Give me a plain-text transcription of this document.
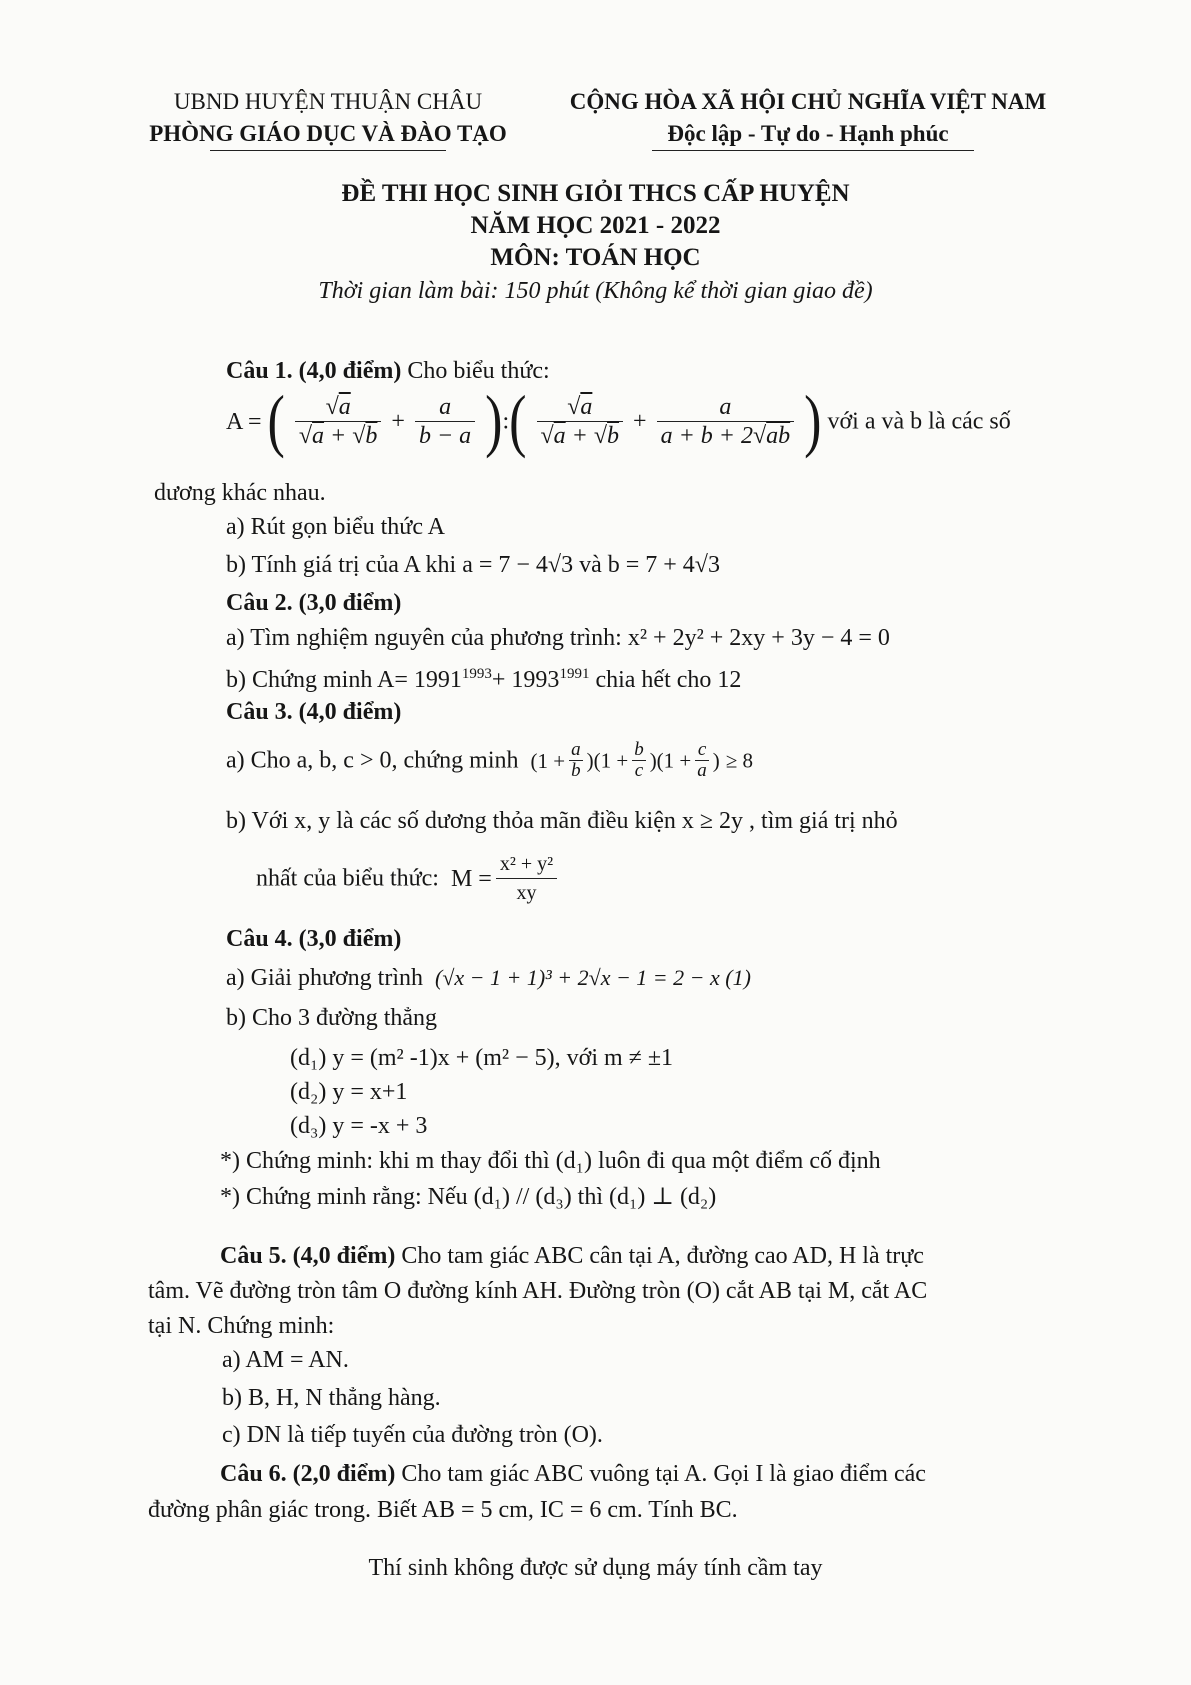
UBND HUYỆN THUẬN CHÂU
PHÒNG GIÁO DỤC VÀ ĐÀO TẠO
CỘNG HÒA XÃ HỘI CHỦ NGHĨA VIỆT NAM
Độc lập - Tự do - Hạnh phúc
ĐỀ THI HỌC SINH GIỎI THCS CẤP HUYỆN
NĂM HỌC 2021 - 2022
MÔN: TOÁN HỌC
Thời gian làm bài: 150 phút (Không kể thời gian giao đề)
Câu 1. (4,0 điểm) Cho biểu thức:
A = ( $\frac{√a}{√a + √b} + \frac{a}{b - a}$ ):( $\frac{√a}{√a + √b} + \frac{a}{a + b + 2√ab}$ ) với a và b là các số
dương khác nhau.
a) Rút gọn biểu thức A
b) Tính giá trị của A khi a = 7 − 4√3 và b = 7 + 4√3
Câu 2. (3,0 điểm)
a) Tìm nghiệm nguyên của phương trình: x² + 2y² + 2xy + 3y − 4 = 0
b) Chứng minh $A= 1991^{1993}+ 1993^{1991}$ chia hết cho 12
Câu 3. (4,0 điểm)
a) Cho a, b, c > 0, chứng minh $(1 + \frac{a}{b} )(1 + \frac{b}{c} )(1 + \frac{c}{a}$ ) ≥ 8
b) Với x, y là các số dương thỏa mãn điều kiện x ≥ 2y , tìm giá trị nhỏ
nhất của biểu thức: $M = \frac{\text{x² + y²}}{xy}$
Câu 4. (3,0 điểm)
a) Giải phương trình (√x − 1 + 1)³ + 2√x − 1 = 2 − x (1)
b) Cho 3 đường thẳng
(d₁) y = (m² -1)x + (m² − 5), với m ≠ ±1
(d₂) y = x+1
(d₃) y = -x + 3
*) Chứng minh: khi m thay đổi thì (d₁) luôn đi qua một điểm cố định
*) Chứng minh rằng: Nếu (d₁) // (d₃) thì (d₁) ⊥ (d₂)
Câu 5. (4,0 điểm) Cho tam giác ABC cân tại A, đường cao AD, H là trực
tâm. Vẽ đường tròn tâm O đường kính AH. Đường tròn (O) cắt AB tại M, cắt AC
tại N. Chứng minh:
a) AM = AN.
b) B, H, N thẳng hàng.
c) DN là tiếp tuyến của đường tròn (O).
Câu 6. (2,0 điểm) Cho tam giác ABC vuông tại A. Gọi I là giao điểm các
đường phân giác trong. Biết AB = 5 cm, IC = 6 cm. Tính BC.
Thí sinh không được sử dụng máy tính cầm tay
